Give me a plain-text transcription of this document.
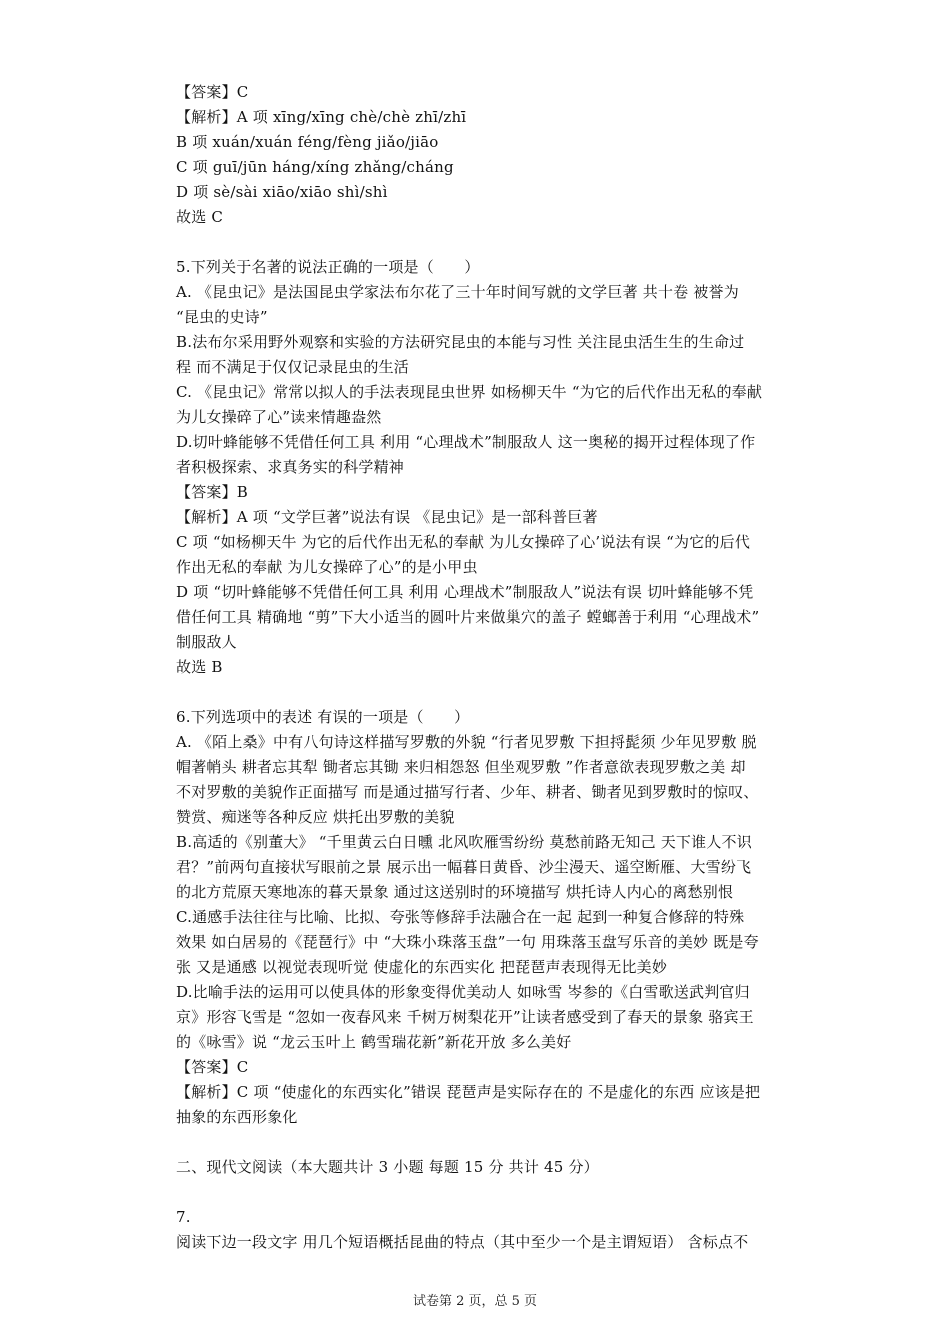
【答案】C
【解析】A 项 xīng/xīng chè/chè zhī/zhī
B 项 xuán/xuán féng/fèng jiǎo/jiāo
C 项 guī/jūn háng/xíng zhǎng/cháng
D 项 sè/sài xiāo/xiāo shì/shì
故选 C
5.下列关于名著的说法正确的一项是（　　）
A. 《昆虫记》是法国昆虫学家法布尔花了三十年时间写就的文学巨著 共十卷 被誉为
“昆虫的史诗”
B.法布尔采用野外观察和实验的方法研究昆虫的本能与习性 关注昆虫活生生的生命过
程 而不满足于仅仅记录昆虫的生活
C. 《昆虫记》常常以拟人的手法表现昆虫世界 如杨柳天牛 “为它的后代作出无私的奉献
为儿女操碎了心”读来情趣盎然
D.切叶蜂能够不凭借任何工具 利用 “心理战术”制服敌人 这一奥秘的揭开过程体现了作
者积极探索、求真务实的科学精神
【答案】B
【解析】A 项 “文学巨著”说法有误 《昆虫记》是一部科普巨著
C 项 “如杨柳天牛 为它的后代作出无私的奉献 为儿女操碎了心’说法有误 “为它的后代
作出无私的奉献 为儿女操碎了心”的是小甲虫
D 项 “切叶蜂能够不凭借任何工具 利用 心理战术”制服敌人”说法有误 切叶蜂能够不凭
借任何工具 精确地 “剪”下大小适当的圆叶片来做巢穴的盖子 螳螂善于利用 “心理战术”
制服敌人
故选 B
6.下列选项中的表述 有误的一项是（　　）
A. 《陌上桑》中有八句诗这样描写罗敷的外貌 “行者见罗敷 下担捋髭须 少年见罗敷 脱
帽著帩头 耕者忘其犁 锄者忘其锄 来归相怨怒 但坐观罗敷 ”作者意欲表现罗敷之美 却
不对罗敷的美貌作正面描写 而是通过描写行者、少年、耕者、锄者见到罗敷时的惊叹、
赞赏、痴迷等各种反应 烘托出罗敷的美貌
B.高适的《别董大》 “千里黄云白日曛 北风吹雁雪纷纷 莫愁前路无知己 天下谁人不识
君？”前两句直接状写眼前之景 展示出一幅暮日黄昏、沙尘漫天、遥空断雁、大雪纷飞
的北方荒原天寒地冻的暮天景象 通过这送别时的环境描写 烘托诗人内心的离愁别恨
C.通感手法往往与比喻、比拟、夸张等修辞手法融合在一起 起到一种复合修辞的特殊
效果 如白居易的《琵琶行》中 “大珠小珠落玉盘”一句 用珠落玉盘写乐音的美妙 既是夸
张 又是通感 以视觉表现听觉 使虚化的东西实化 把琵琶声表现得无比美妙
D.比喻手法的运用可以使具体的形象变得优美动人 如咏雪 岑参的《白雪歌送武判官归
京》形容飞雪是 “忽如一夜春风来 千树万树梨花开”让读者感受到了春天的景象 骆宾王
的《咏雪》说 “龙云玉叶上 鹤雪瑞花新”新花开放 多么美好
【答案】C
【解析】C 项 “使虚化的东西实化”错误 琵琶声是实际存在的 不是虚化的东西 应该是把
抽象的东西形象化
二、现代文阅读（本大题共计 3 小题 每题 15 分 共计 45 分）
7.
阅读下边一段文字 用几个短语概括昆曲的特点（其中至少一个是主谓短语） 含标点不
试卷第 2 页，总 5 页
